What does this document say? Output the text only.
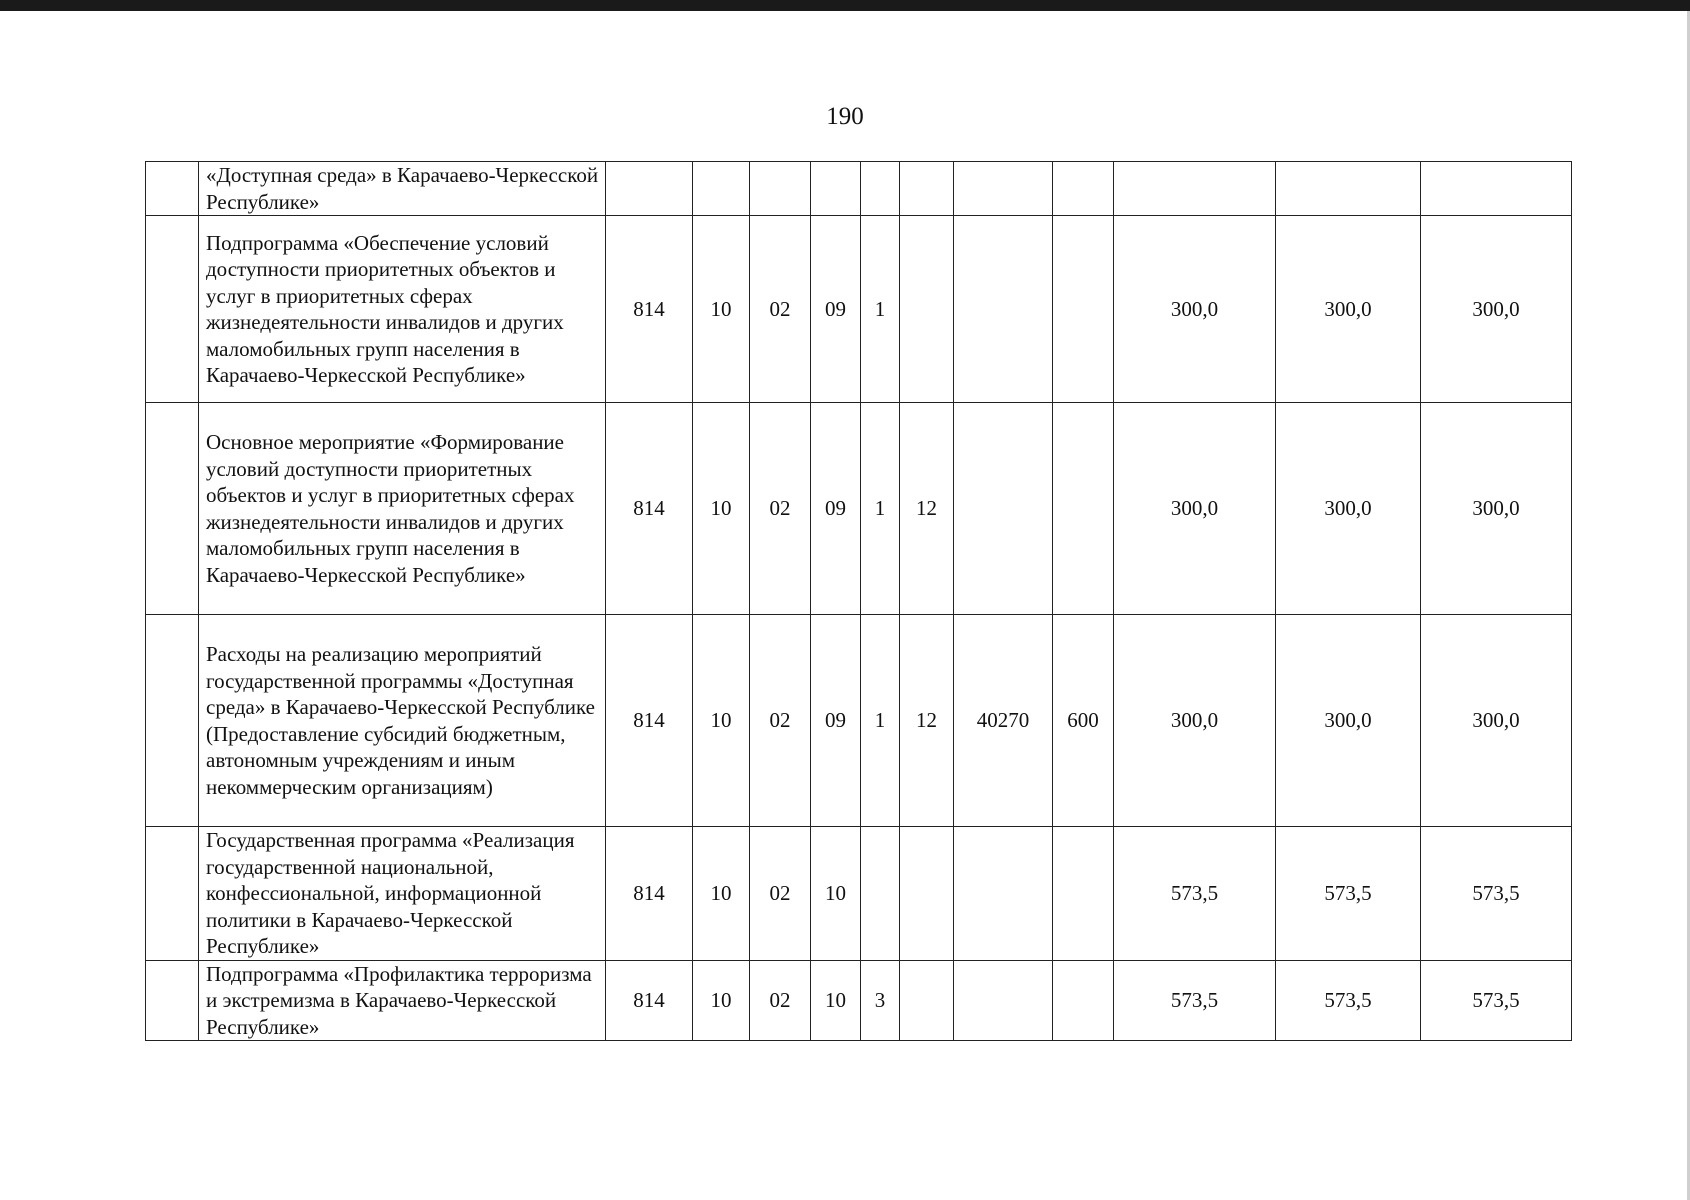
190
	«Доступная среда» в Карачаево-Черкесской Республике»											
	Подпрограмма «Обеспечение условий доступности приоритетных объектов и услуг в приоритетных сферах жизнедеятельности инвалидов и других маломобильных групп населения в Карачаево-Черкесской Республике»	814	10	02	09	1				300,0	300,0	300,0
	Основное мероприятие «Формирование условий доступности приоритетных объектов и услуг в приоритетных сферах жизнедеятельности инвалидов и других маломобильных групп населения в Карачаево-Черкесской Республике»	814	10	02	09	1	12			300,0	300,0	300,0
	Расходы на реализацию мероприятий государственной программы «Доступная среда» в Карачаево-Черкесской Республике (Предоставление субсидий бюджетным, автономным учреждениям и иным некоммерческим организациям)	814	10	02	09	1	12	40270	600	300,0	300,0	300,0
	Государственная программа «Реализация государственной национальной, конфессиональной, информационной политики в Карачаево-Черкесской Республике»	814	10	02	10					573,5	573,5	573,5
	Подпрограмма «Профилактика терроризма и экстремизма в Карачаево-Черкесской Республике»	814	10	02	10	3				573,5	573,5	573,5
